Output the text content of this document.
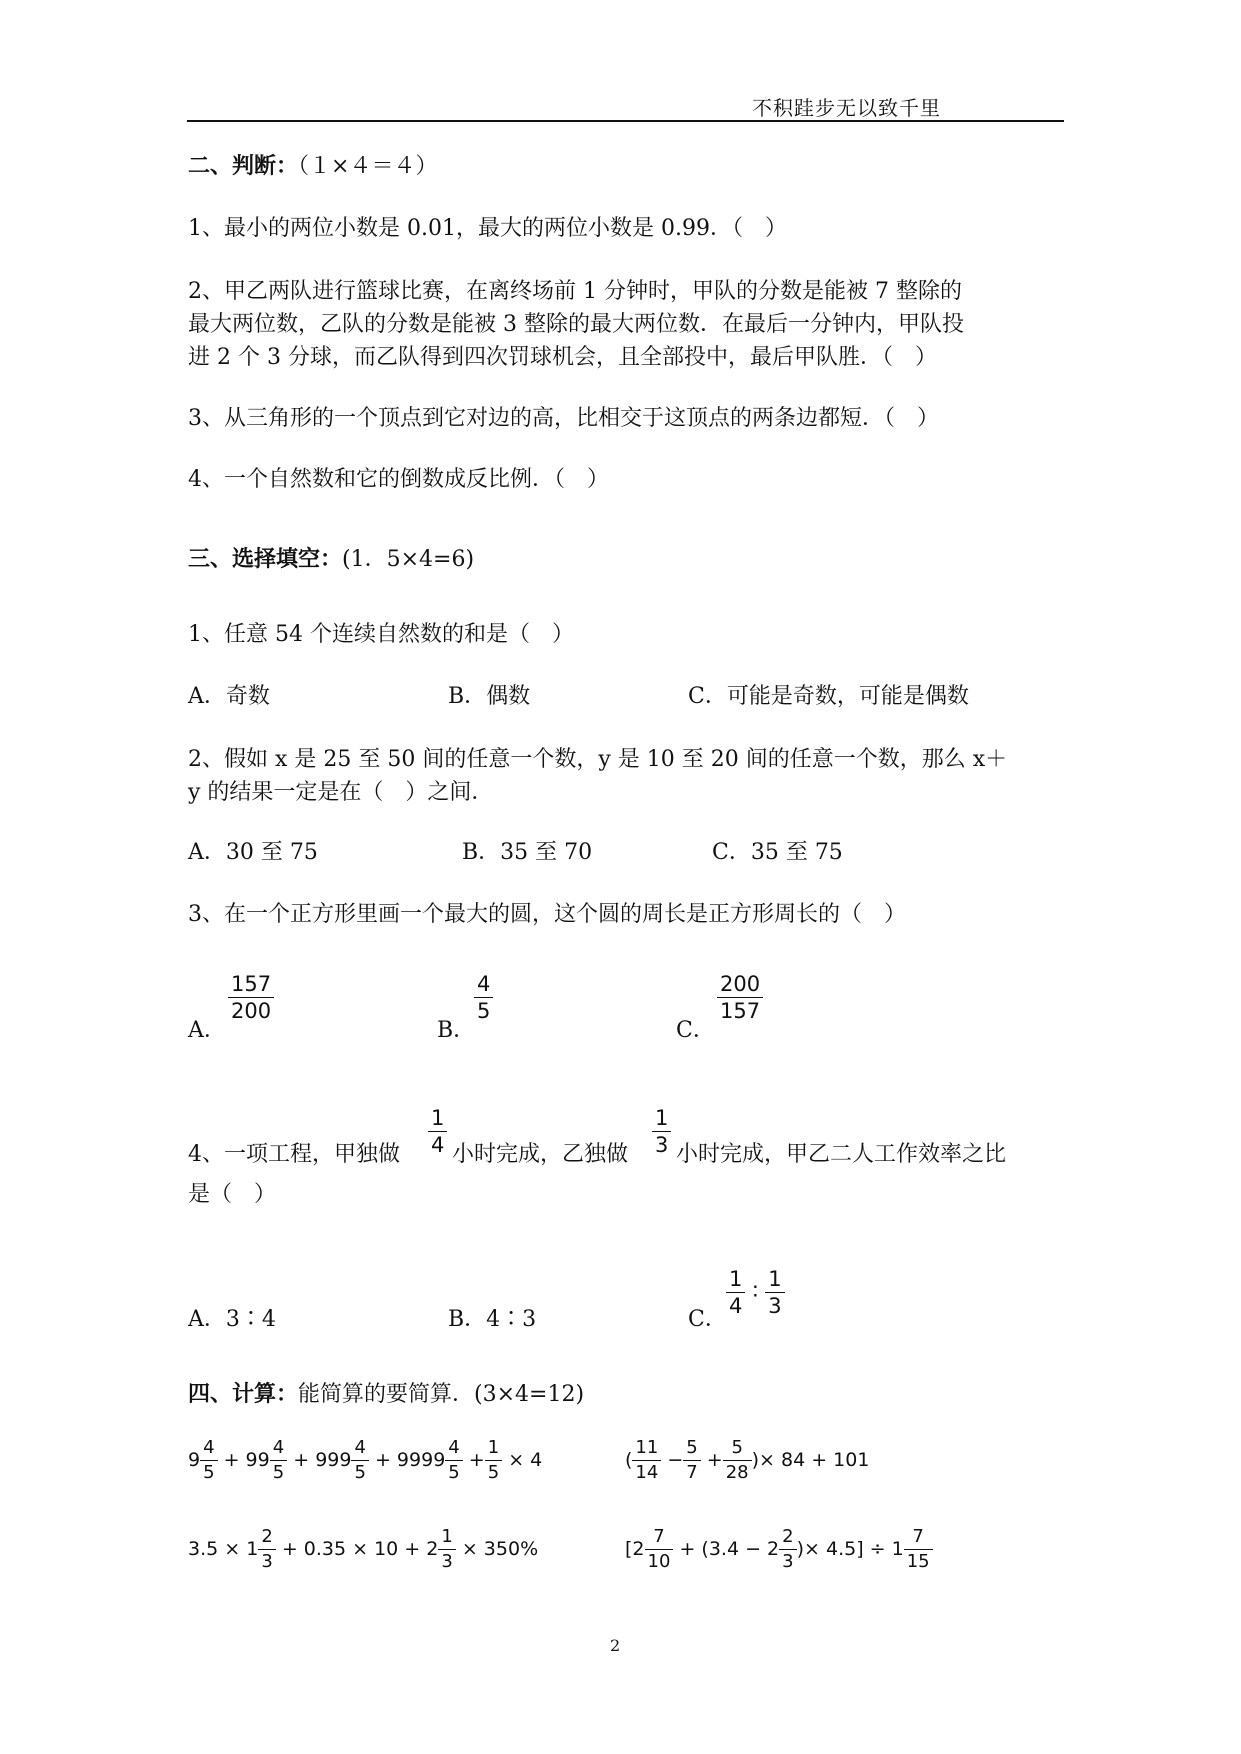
不积跬步无以致千里
二、判断：（１×４＝４）
1、最小的两位小数是 0.01，最大的两位小数是 0.99．（　）
2、甲乙两队进行篮球比赛，在离终场前 1 分钟时，甲队的分数是能被 7 整除的
最大两位数，乙队的分数是能被 3 整除的最大两位数．在最后一分钟内，甲队投
进 2 个 3 分球，而乙队得到四次罚球机会，且全部投中，最后甲队胜．（　）
3、从三角形的一个顶点到它对边的高，比相交于这顶点的两条边都短．（　）
4、一个自然数和它的倒数成反比例．（　）
三、选择填空：(1．5×4=6)
1、任意 54 个连续自然数的和是（　）
A．奇数	B．偶数	C．可能是奇数，可能是偶数
2、假如 x 是 25 至 50 间的任意一个数，y 是 10 至 20 间的任意一个数，那么 x＋
y 的结果一定是在（　）之间．
A．30 至 75	B．35 至 70	C．35 至 75
3、在一个正方形里画一个最大的圆，这个圆的周长是正方形周长的（　）
A．
$\frac{157}{200}$
B．
$\frac{4}{5}$
C．
$\frac{200}{157}$
4、一项工程，甲独做 $\frac{1}{4}$ 小时完成，乙独做 $\frac{1}{3}$ 小时完成，甲乙二人工作效率之比
是（　）
A．3∶4	B．4∶3	C．
$\frac{1}{4}$ ∶ $\frac{1}{3}$
四、计算：能简算的要简算．(3×4=12)
$9 \frac{4}{5} + 99 \frac{4}{5} + 999 \frac{4}{5} + 9999 \frac{4}{5} + \frac{1}{5} \times 4$	( $\frac{11}{14} - \frac{5}{7} + \frac{5}{28}$ )× 84 + 101
$3.5 \times 1 \frac{2}{3} + 0.35 \times 10 + 2 \frac{1}{3} \times 350\%$	[$2 \frac{7}{10} + (3.4 - 2 \frac{2}{3}$ )× $4.5] \div 1 \frac{7}{15}$
2
